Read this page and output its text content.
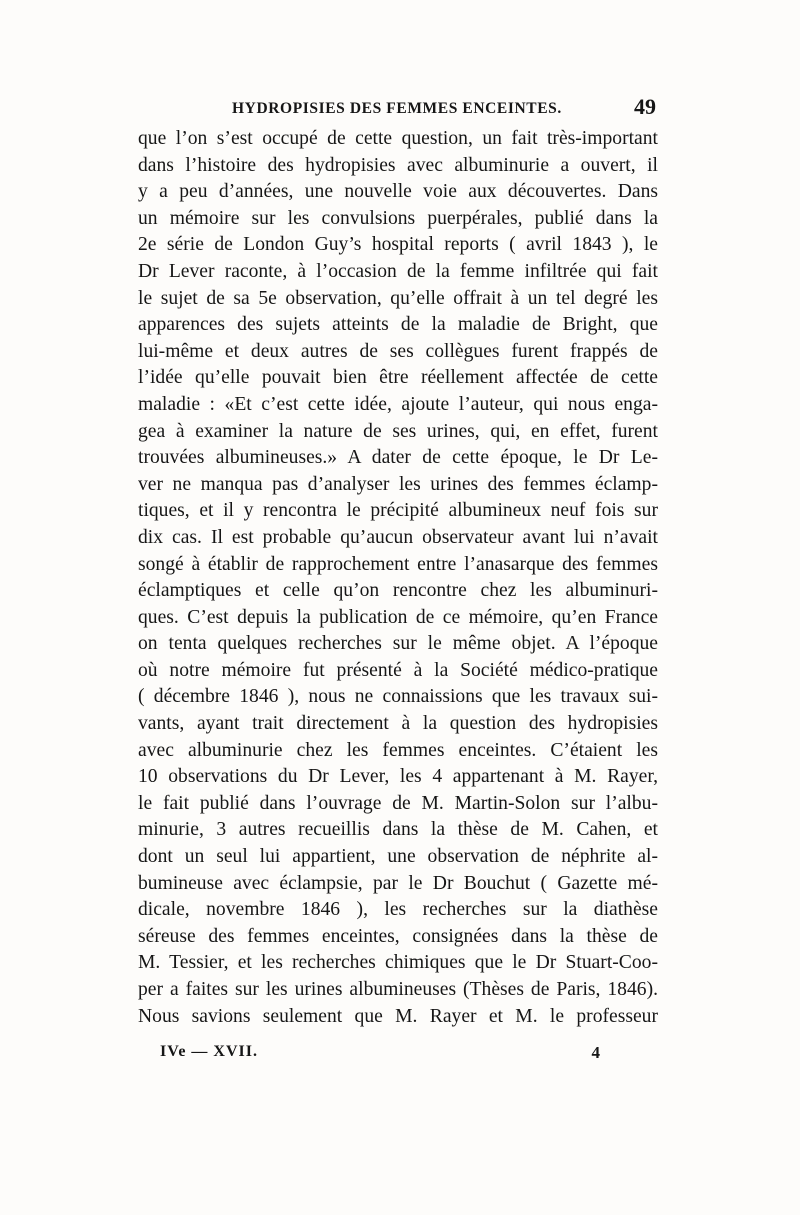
HYDROPISIES DES FEMMES ENCEINTES.	49
que l’on s’est occupé de cette question, un fait très-important
dans l’histoire des hydropisies avec albuminurie a ouvert, il
y a peu d’années, une nouvelle voie aux découvertes. Dans
un mémoire sur les convulsions puerpérales, publié dans la
2e série de London Guy’s hospital reports ( avril 1843 ), le
Dr Lever raconte, à l’occasion de la femme infiltrée qui fait
le sujet de sa 5e observation, qu’elle offrait à un tel degré les
apparences des sujets atteints de la maladie de Bright, que
lui-même et deux autres de ses collègues furent frappés de
l’idée qu’elle pouvait bien être réellement affectée de cette
maladie : «Et c’est cette idée, ajoute l’auteur, qui nous enga-
gea à examiner la nature de ses urines, qui, en effet, furent
trouvées albumineuses.» A dater de cette époque, le Dr Le-
ver ne manqua pas d’analyser les urines des femmes éclamp-
tiques, et il y rencontra le précipité albumineux neuf fois sur
dix cas. Il est probable qu’aucun observateur avant lui n’avait
songé à établir de rapprochement entre l’anasarque des femmes
éclamptiques et celle qu’on rencontre chez les albuminuri-
ques. C’est depuis la publication de ce mémoire, qu’en France
on tenta quelques recherches sur le même objet. A l’époque
où notre mémoire fut présenté à la Société médico-pratique
( décembre 1846 ), nous ne connaissions que les travaux sui-
vants, ayant trait directement à la question des hydropisies
avec albuminurie chez les femmes enceintes. C’étaient les
10 observations du Dr Lever, les 4 appartenant à M. Rayer,
le fait publié dans l’ouvrage de M. Martin-Solon sur l’albu-
minurie, 3 autres recueillis dans la thèse de M. Cahen, et
dont un seul lui appartient, une observation de néphrite al-
bumineuse avec éclampsie, par le Dr Bouchut ( Gazette mé-
dicale, novembre 1846 ), les recherches sur la diathèse
séreuse des femmes enceintes, consignées dans la thèse de
M. Tessier, et les recherches chimiques que le Dr Stuart-Coo-
per a faites sur les urines albumineuses (Thèses de Paris, 1846).
Nous savions seulement que M. Rayer et M. le professeur
IVe — XVII.	4
